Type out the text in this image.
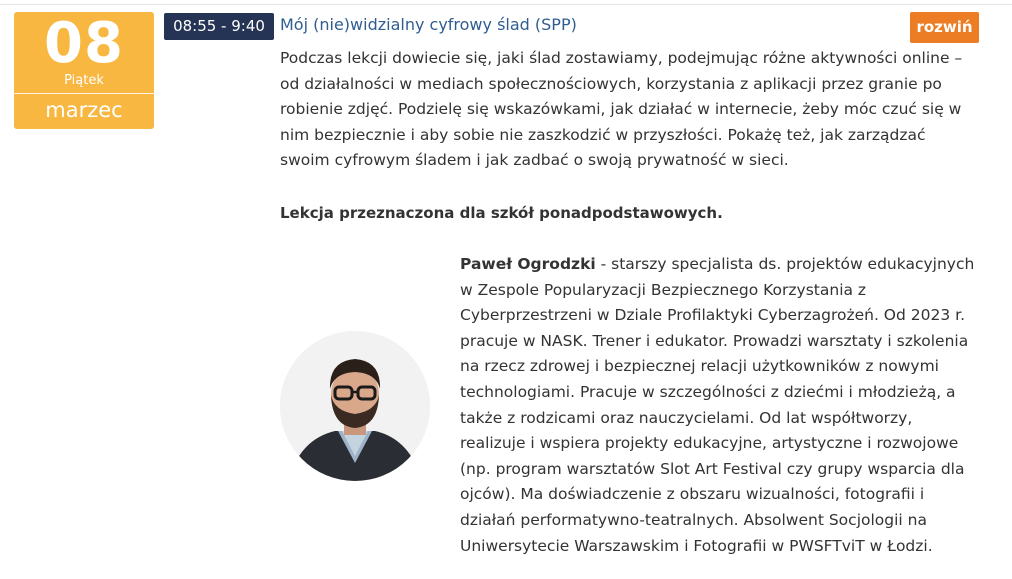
08
Piątek
marzec
08:55 - 9:40 Mój (nie)widzialny cyfrowy ślad (SPP)	rozwiń

Podczas lekcji dowiecie się, jaki ślad zostawiamy, podejmując różne aktywności online – od działalności w mediach społecznościowych, korzystania z aplikacji przez granie po robienie zdjęć. Podzielę się wskazówkami, jak działać w internecie, żeby móc czuć się w nim bezpiecznie i aby sobie nie zaszkodzić w przyszłości. Pokażę też, jak zarządzać swoim cyfrowym śladem i jak zadbać o swoją prywatność w sieci.

Lekcja przeznaczona dla szkół ponadpodstawowych.

Paweł Ogrodzki - starszy specjalista ds. projektów edukacyjnych w Zespole Popularyzacji Bezpiecznego Korzystania z Cyberprzestrzeni w Dziale Profilaktyki Cyberzagrożeń. Od 2023 r. pracuje w NASK. Trener i edukator. Prowadzi warsztaty i szkolenia na rzecz zdrowej i bezpiecznej relacji użytkowników z nowymi technologiami. Pracuje w szczególności z dziećmi i młodzieżą, a także z rodzicami oraz nauczycielami. Od lat współtworzy, realizuje i wspiera projekty edukacyjne, artystyczne i rozwojowe (np. program warsztatów Slot Art Festival czy grupy wsparcia dla ojców). Ma doświadczenie z obszaru wizualności, fotografii i działań performatywno-teatralnych. Absolwent Socjologii na Uniwersytecie Warszawskim i Fotografii w PWSFTviT w Łodzi.
